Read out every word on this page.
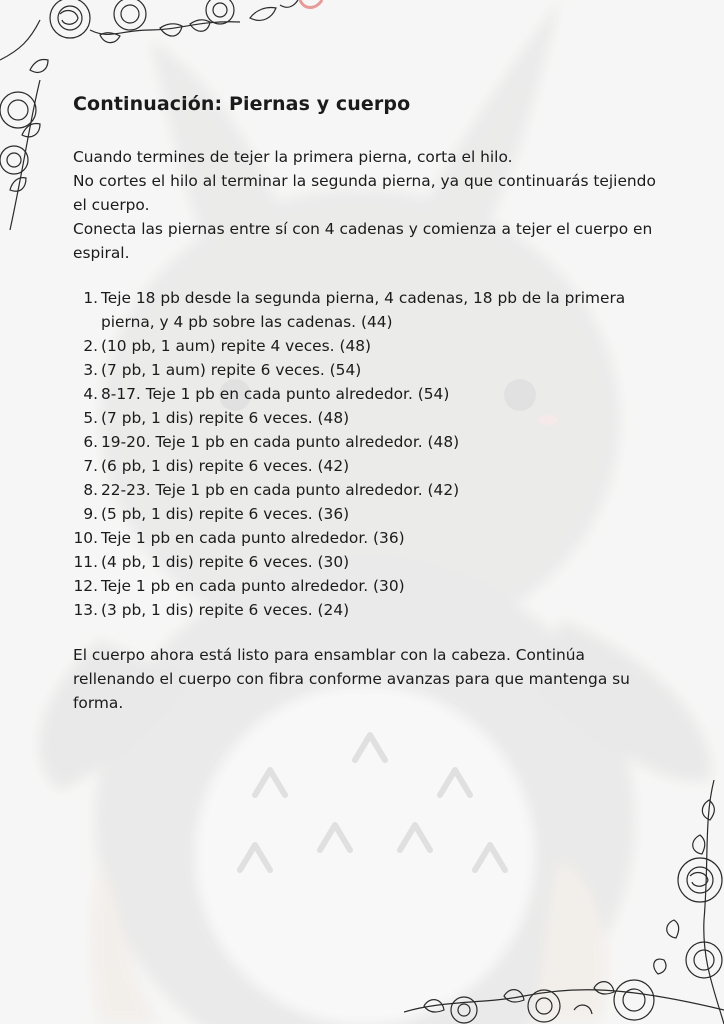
Continuación: Piernas y cuerpo

Cuando termines de tejer la primera pierna, corta el hilo.

No cortes el hilo al terminar la segunda pierna, ya que continuarás tejiendo el cuerpo.

Conecta las piernas entre sí con 4 cadenas y comienza a tejer el cuerpo en espiral.

1. Teje 18 pb desde la segunda pierna, 4 cadenas, 18 pb de la primera pierna, y 4 pb sobre las cadenas. (44)
2. (10 pb, 1 aum) repite 4 veces. (48)
3. (7 pb, 1 aum) repite 6 veces. (54)
4. 8-17. Teje 1 pb en cada punto alrededor. (54)
5. (7 pb, 1 dis) repite 6 veces. (48)
6. 19-20. Teje 1 pb en cada punto alrededor. (48)
7. (6 pb, 1 dis) repite 6 veces. (42)
8. 22-23. Teje 1 pb en cada punto alrededor. (42)
9. (5 pb, 1 dis) repite 6 veces. (36)
10. Teje 1 pb en cada punto alrededor. (36)
11. (4 pb, 1 dis) repite 6 veces. (30)
12. Teje 1 pb en cada punto alrededor. (30)
13. (3 pb, 1 dis) repite 6 veces. (24)

El cuerpo ahora está listo para ensamblar con la cabeza. Continúa rellenando el cuerpo con fibra conforme avanzas para que mantenga su forma.
